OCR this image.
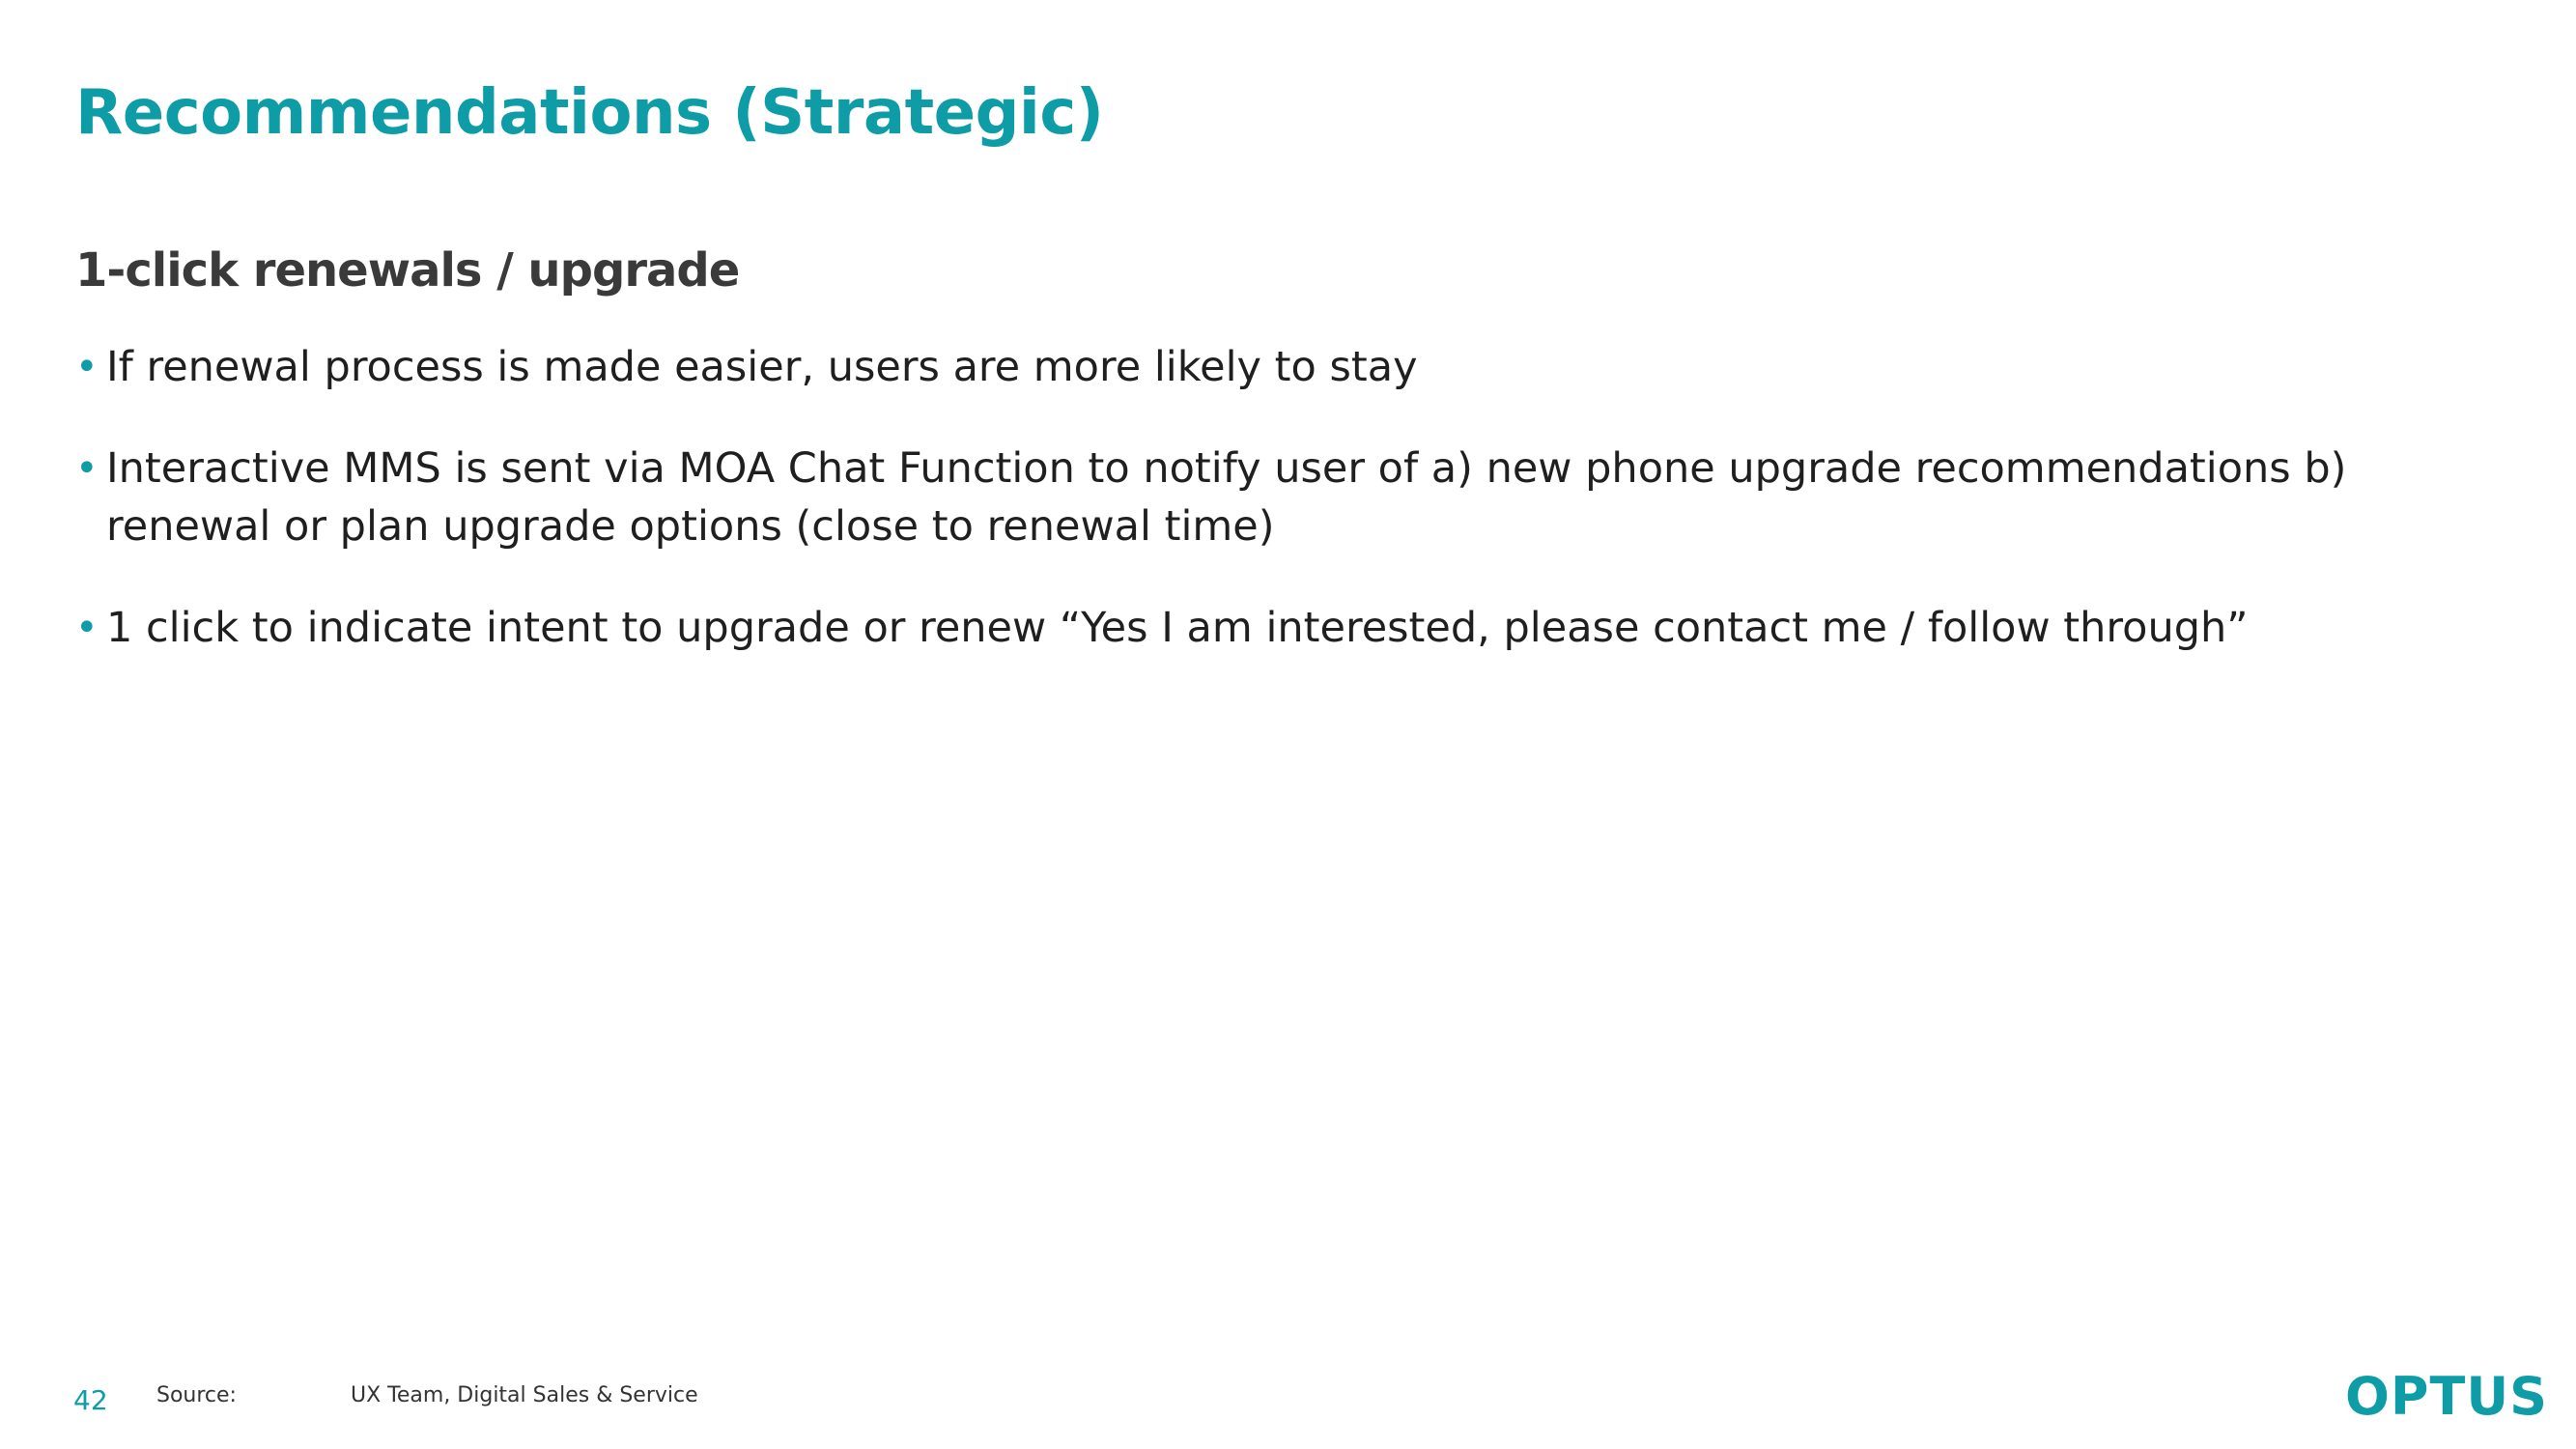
Recommendations (Strategic)
1-click renewals / upgrade
• If renewal process is made easier, users are more likely to stay
• Interactive MMS is sent via MOA Chat Function to notify user of a) new phone upgrade recommendations b) renewal or plan upgrade options (close to renewal time)
• 1 click to indicate intent to upgrade or renew “Yes I am interested, please contact me / follow through”
42 Source:	UX Team, Digital Sales & Service	OPTUS
